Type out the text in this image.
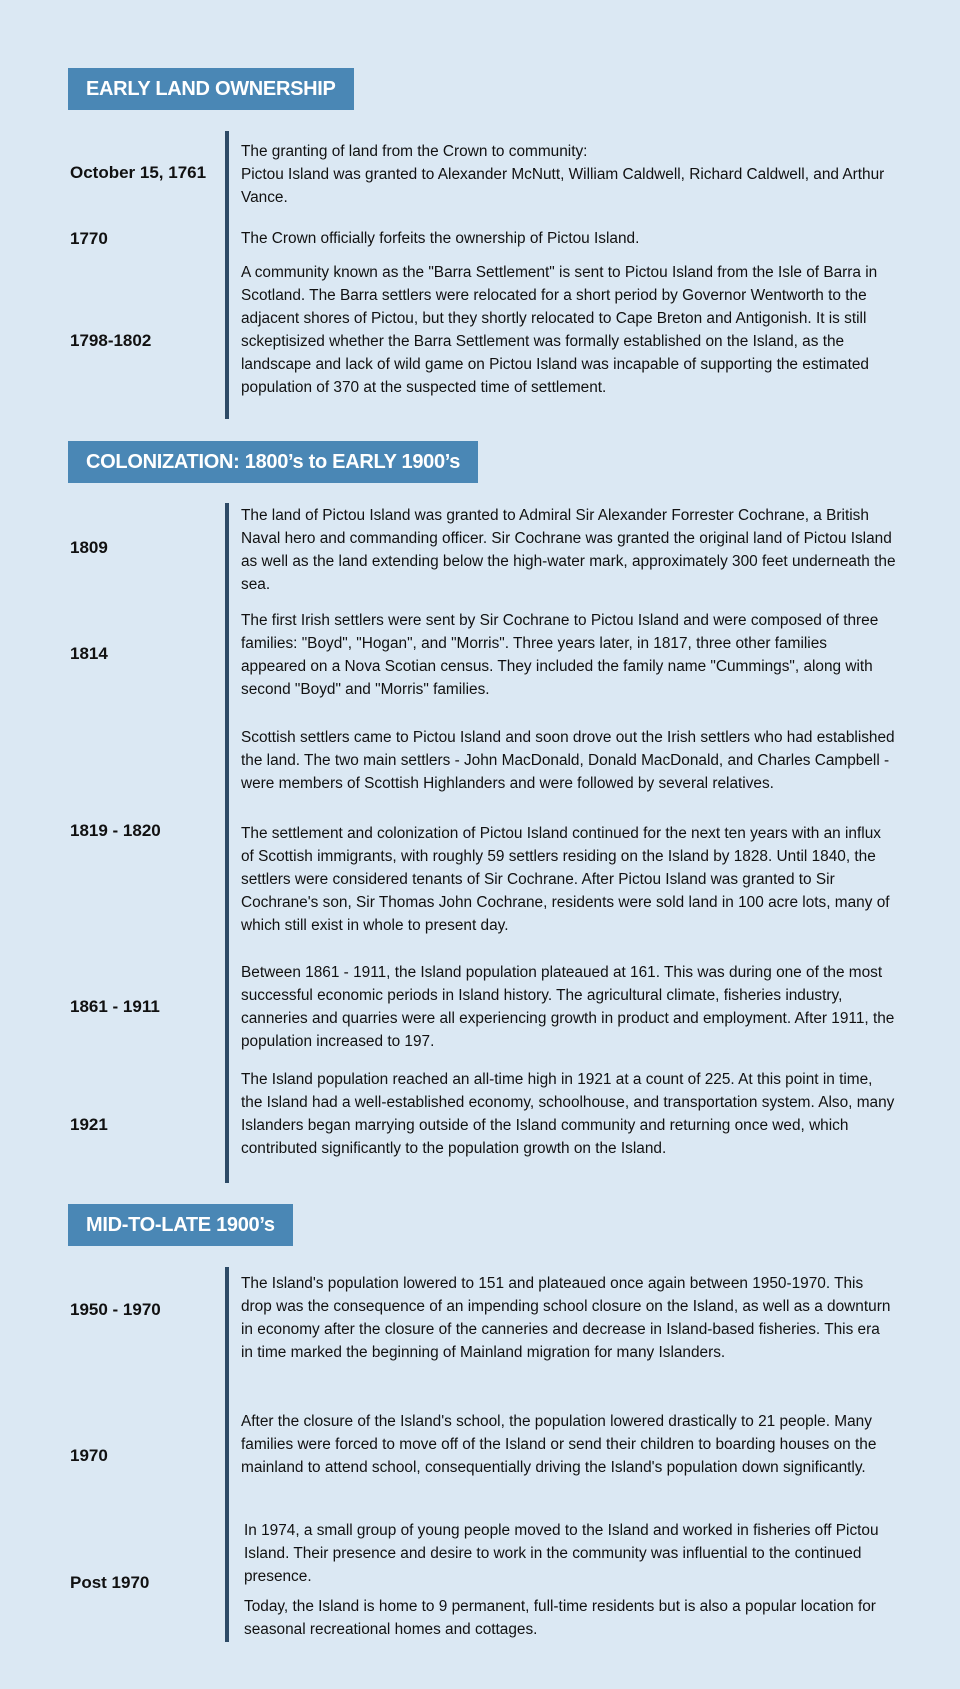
EARLY LAND OWNERSHIP
October 15, 1761

The granting of land from the Crown to community:
Pictou Island was granted to Alexander McNutt, William Caldwell, Richard Caldwell, and Arthur Vance.

1770	The Crown officially forfeits the ownership of Pictou Island.

1798-1802

A community known as the "Barra Settlement" is sent to Pictou Island from the Isle of Barra in Scotland. The Barra settlers were relocated for a short period by Governor Wentworth to the adjacent shores of Pictou, but they shortly relocated to Cape Breton and Antigonish. It is still sckeptisized whether the Barra Settlement was formally established on the Island, as the landscape and lack of wild game on Pictou Island was incapable of supporting the estimated population of 370 at the suspected time of settlement.

COLONIZATION: 1800’s to EARLY 1900’s
1809

The land of Pictou Island was granted to Admiral Sir Alexander Forrester Cochrane, a British Naval hero and commanding officer. Sir Cochrane was granted the original land of Pictou Island as well as the land extending below the high-water mark, approximately 300 feet underneath the sea.

1814

The first Irish settlers were sent by Sir Cochrane to Pictou Island and were composed of three families: "Boyd", "Hogan", and "Morris". Three years later, in 1817, three other families appeared on a Nova Scotian census. They included the family name "Cummings", along with second "Boyd" and "Morris" families.

1819 - 1820

Scottish settlers came to Pictou Island and soon drove out the Irish settlers who had established the land. The two main settlers - John MacDonald, Donald MacDonald, and Charles Campbell - were members of Scottish Highlanders and were followed by several relatives.

The settlement and colonization of Pictou Island continued for the next ten years with an influx of Scottish immigrants, with roughly 59 settlers residing on the Island by 1828. Until 1840, the settlers were considered tenants of Sir Cochrane. After Pictou Island was granted to Sir Cochrane's son, Sir Thomas John Cochrane, residents were sold land in 100 acre lots, many of which still exist in whole to present day.

1861 - 1911

Between 1861 - 1911, the Island population plateaued at 161. This was during one of the most successful economic periods in Island history. The agricultural climate, fisheries industry, canneries and quarries were all experiencing growth in product and employment. After 1911, the population increased to 197.

1921

The Island population reached an all-time high in 1921 at a count of 225. At this point in time, the Island had a well-established economy, schoolhouse, and transportation system. Also, many Islanders began marrying outside of the Island community and returning once wed, which contributed significantly to the population growth on the Island.

MID-TO-LATE 1900’s
1950 - 1970

The Island's population lowered to 151 and plateaued once again between 1950-1970. This drop was the consequence of an impending school closure on the Island, as well as a downturn in economy after the closure of the canneries and decrease in Island-based fisheries. This era in time marked the beginning of Mainland migration for many Islanders.

1970

After the closure of the Island's school, the population lowered drastically to 21 people. Many families were forced to move off of the Island or send their children to boarding houses on the mainland to attend school, consequentially driving the Island's population down significantly.

Post 1970

In 1974, a small group of young people moved to the Island and worked in fisheries off Pictou Island. Their presence and desire to work in the community was influential to the continued presence.

Today, the Island is home to 9 permanent, full-time residents but is also a popular location for seasonal recreational homes and cottages.
